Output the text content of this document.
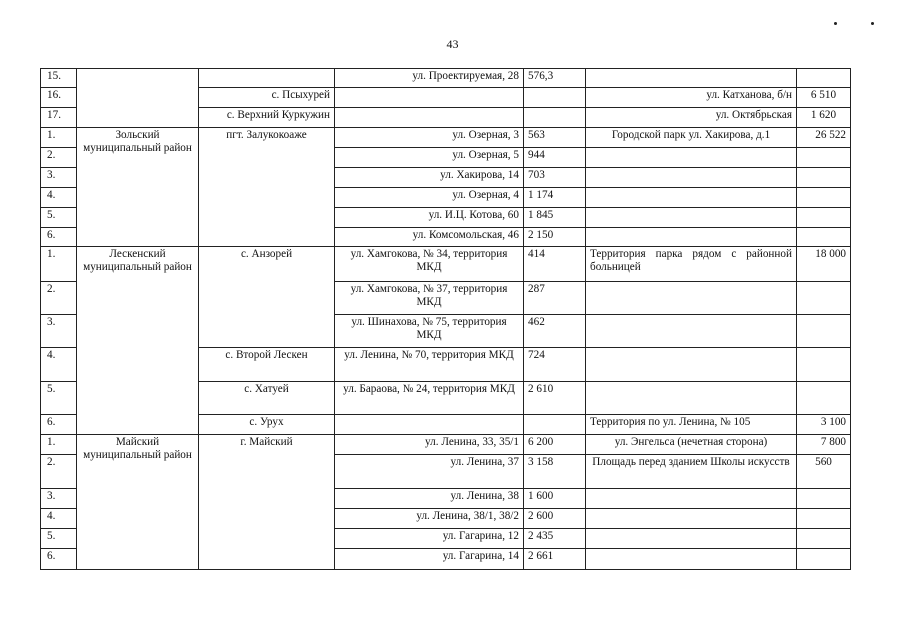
43
15.			ул. Проектируемая, 28	576,3		
16.		с. Псыхурей			ул. Катханова, б/н	6 510
17.		с. Верхний Куркужин			ул. Октябрьская	1 620
1.	Зольский муниципальный район	пгт. Залукокоаже	ул. Озерная, 3	563	Городской парк ул. Хакирова, д.1	26 522
2.			ул. Озерная, 5	944		
3.			ул. Хакирова, 14	703		
4.			ул. Озерная, 4	1 174		
5.			ул. И.Ц. Котова, 60	1 845		
6.			ул. Комсомольская, 46	2 150		
1.	Лескенский муниципальный район	с. Анзорей	ул. Хамгокова, № 34, территория МКД	414	Территория парка рядом с районной больницей	18 000
2.			ул. Хамгокова, № 37, территория МКД	287		
3.			ул. Шинахова, № 75, территория МКД	462		
4.		с. Второй Лескен	ул. Ленина, № 70, территория МКД	724		
5.		с. Хатуей	ул. Бараова, № 24, территория МКД	2 610		
6.		с. Урух			Территория по ул. Ленина, № 105	3 100
1.	Майский муниципальный район	г. Майский	ул. Ленина, 33, 35/1	6 200	ул. Энгельса (нечетная сторона)	7 800
2.			ул. Ленина, 37	3 158	Площадь перед зданием Школы искусств	560
3.			ул. Ленина, 38	1 600		
4.			ул. Ленина, 38/1, 38/2	2 600		
5.			ул. Гагарина, 12	2 435		
6.			ул. Гагарина, 14	2 661		
